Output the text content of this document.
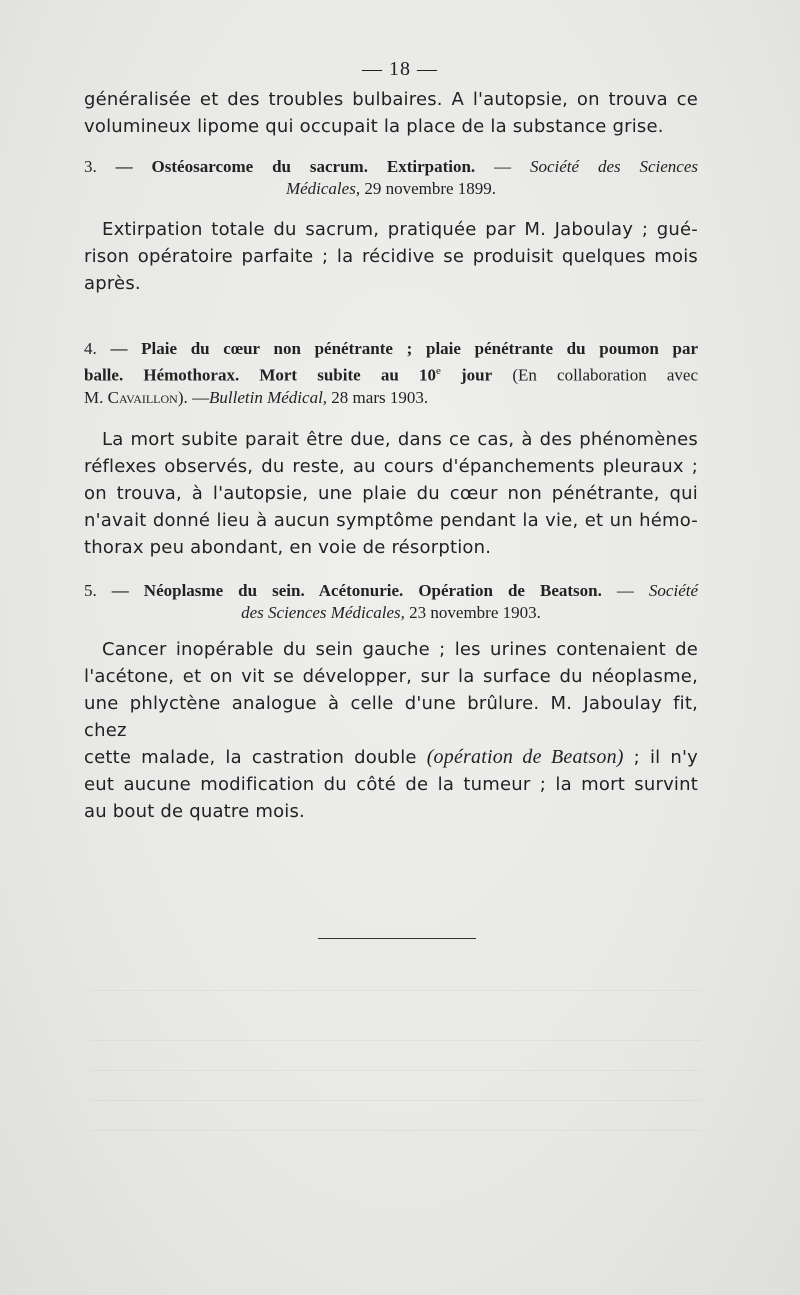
— 18 —
généralisée et des troubles bulbaires. A l'autopsie, on trouva ce
volumineux lipome qui occupait la place de la substance grise.
3. — Ostéosarcome du sacrum. Extirpation. — Société des Sciences
Médicales, 29 novembre 1899.
Extirpation totale du sacrum, pratiquée par M. Jaboulay ; gué-
rison opératoire parfaite ; la récidive se produisit quelques mois
après.
4. — Plaie du cœur non pénétrante ; plaie pénétrante du poumon par
balle. Hémothorax. Mort subite au 10e jour (En collaboration avec
M. Cavaillon). —Bulletin Médical, 28 mars 1903.
La mort subite parait être due, dans ce cas, à des phénomènes
réflexes observés, du reste, au cours d'épanchements pleuraux ;
on trouva, à l'autopsie, une plaie du cœur non pénétrante, qui
n'avait donné lieu à aucun symptôme pendant la vie, et un hémo-
thorax peu abondant, en voie de résorption.
5. — Néoplasme du sein. Acétonurie. Opération de Beatson. — Société
des Sciences Médicales, 23 novembre 1903.
Cancer inopérable du sein gauche ; les urines contenaient de
l'acétone, et on vit se développer, sur la surface du néoplasme,
une phlyctène analogue à celle d'une brûlure. M. Jaboulay fit, chez
cette malade, la castration double (opération de Beatson) ; il n'y
eut aucune modification du côté de la tumeur ; la mort survint
au bout de quatre mois.
